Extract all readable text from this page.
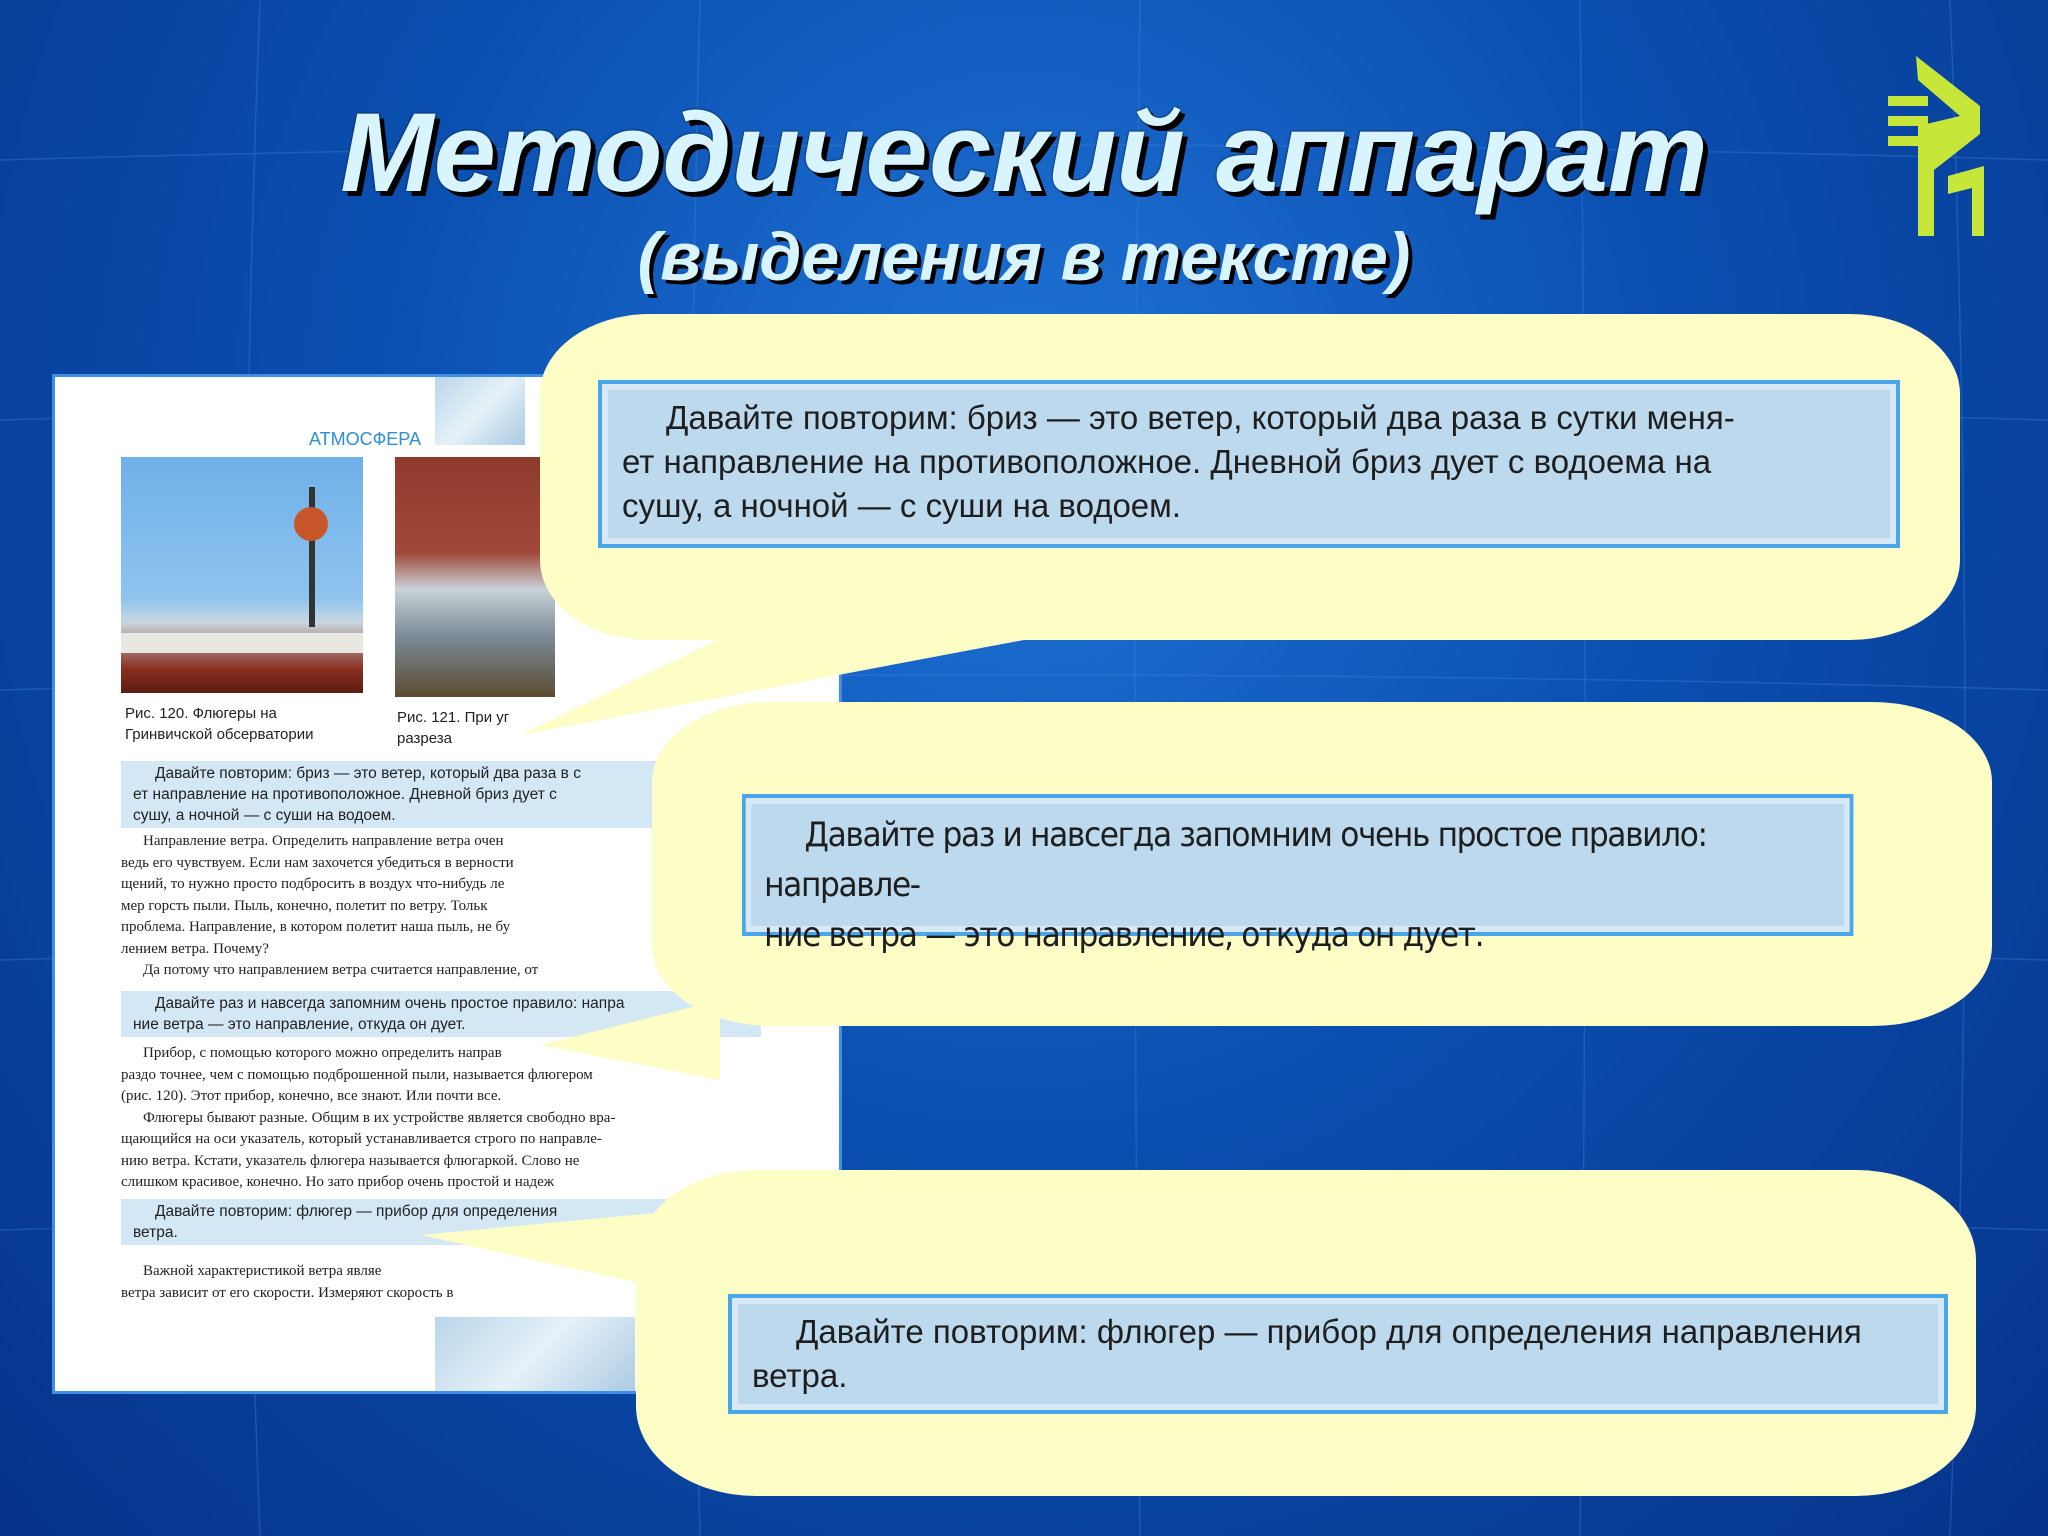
Методический аппарат
(выделения в тексте)
АТМОСФЕРА
Рис. 120. Флюгеры на
Гринвичской обсерватории
Рис. 121. При уг
разреза
Давайте повторим: бриз — это ветер, который два раза в с
ет направление на противоположное. Дневной бриз дует с
сушу, а ночной — с суши на водоем.
Направление ветра. Определить направление ветра очен
ведь его чувствуем. Если нам захочется убедиться в верности
щений, то нужно просто подбросить в воздух что-нибудь ле
мер горсть пыли. Пыль, конечно, полетит по ветру. Тольк
проблема. Направление, в котором полетит наша пыль, не бу
лением ветра. Почему?
Да потому что направлением ветра считается направление, от
Давайте раз и навсегда запомним очень простое правило: напра
ние ветра — это направление, откуда он дует.
Прибор, с помощью которого можно определить направ
раздо точнее, чем с помощью подброшенной пыли, называется флюгером
(рис. 120). Этот прибор, конечно, все знают. Или почти все.
Флюгеры бывают разные. Общим в их устройстве является свободно вра-
щающийся на оси указатель, который устанавливается строго по направле-
нию ветра. Кстати, указатель флюгера называется флюгаркой. Слово не
слишком красивое, конечно. Но зато прибор очень простой и надеж
Давайте повторим: флюгер — прибор для определения
ветра.
Важной характеристикой ветра являе
ветра зависит от его скорости. Измеряют скорость в
Давайте повторим: бриз — это ветер, который два раза в сутки меня-
ет направление на противоположное. Дневной бриз дует с водоема на
сушу, а ночной — с суши на водоем.
Давайте раз и навсегда запомним очень простое правило: направле-
ние ветра — это направление, откуда он дует.
Давайте повторим: флюгер — прибор для определения направления
ветра.
